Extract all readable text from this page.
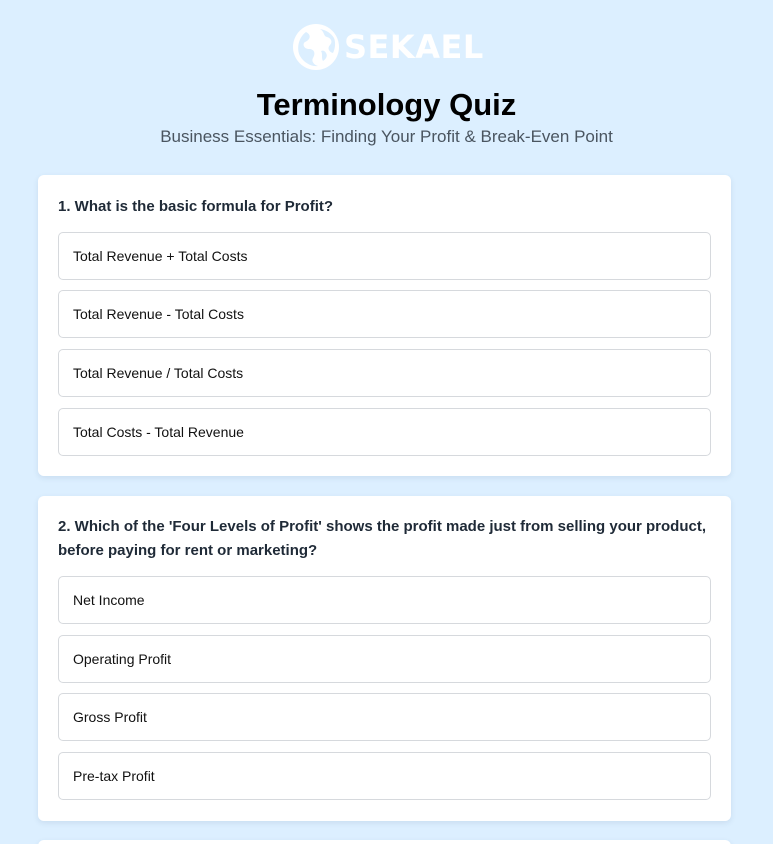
SEKAEL
Terminology Quiz
Business Essentials: Finding Your Profit & Break-Even Point
1. What is the basic formula for Profit?
Total Revenue + Total Costs
Total Revenue - Total Costs
Total Revenue / Total Costs
Total Costs - Total Revenue
2. Which of the 'Four Levels of Profit' shows the profit made just from selling your product, before paying for rent or marketing?
Net Income
Operating Profit
Gross Profit
Pre-tax Profit
